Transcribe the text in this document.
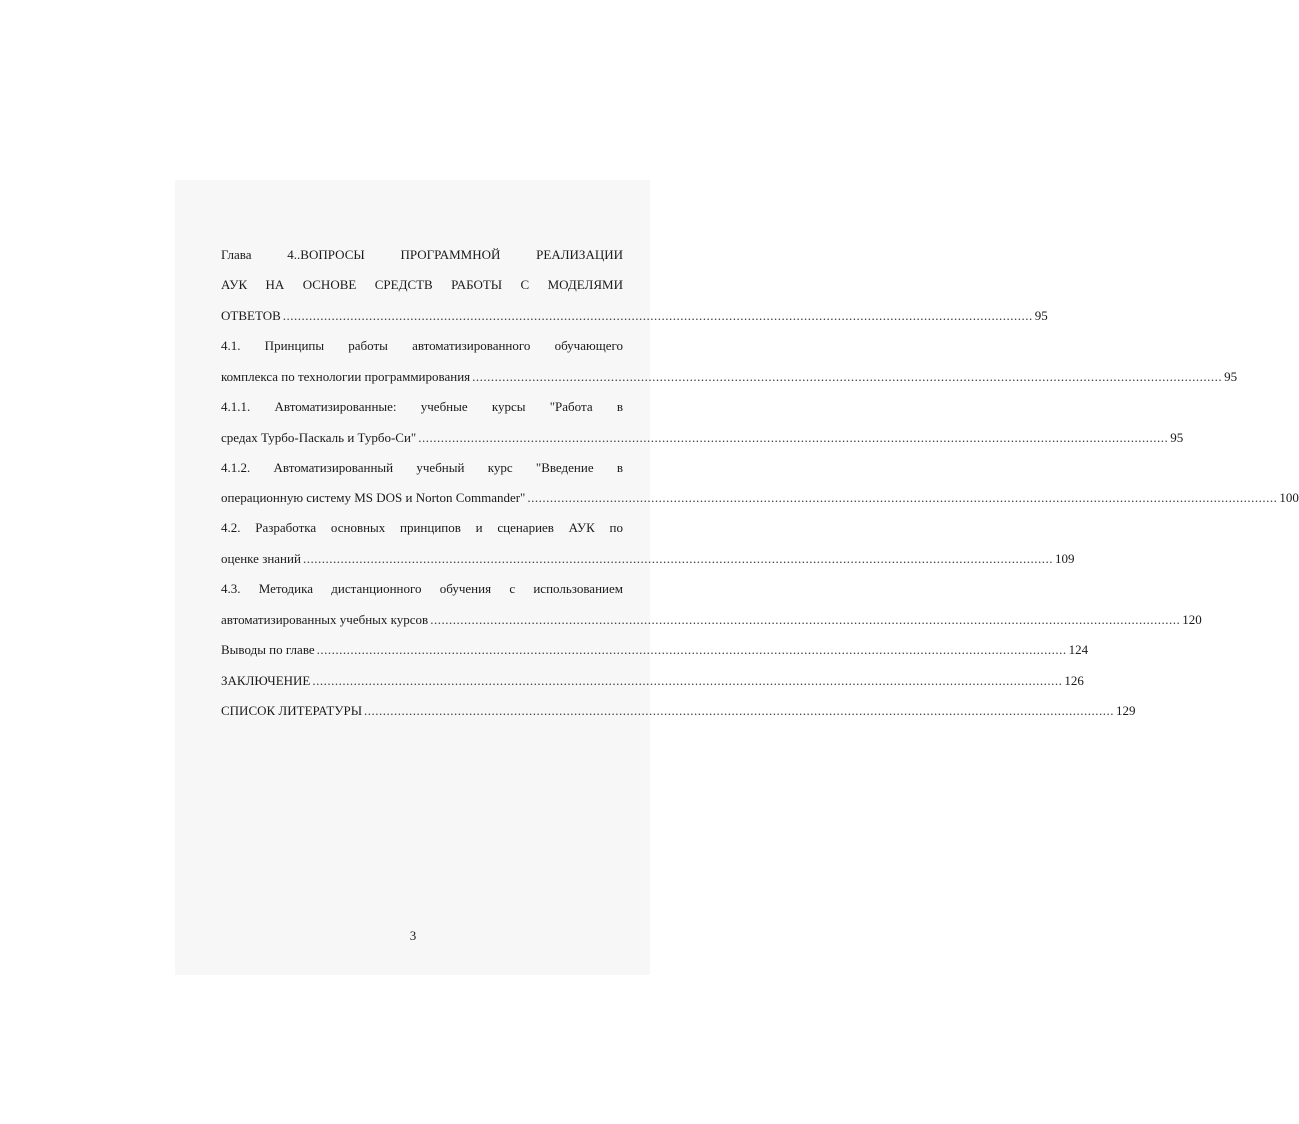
Глава 4..ВОПРОСЫ ПРОГРАММНОЙ РЕАЛИЗАЦИИ
АУК НА ОСНОВЕ СРЕДСТВ РАБОТЫ С МОДЕЛЯМИ
ОТВЕТОВ ........................................................................................................................................................................................................ 95
4.1. Принципы работы автоматизированного обучающего
комплекса по технологии программирования ........................................................................................................................................................................................................ 95
4.1.1. Автоматизированные: учебные курсы "Работа в
средах Турбо-Паскаль и Турбо-Си" ........................................................................................................................................................................................................ 95
4.1.2. Автоматизированный учебный курс "Введение в
операционную систему MS DOS и Norton Commander" ........................................................................................................................................................................................................ 100
4.2. Разработка основных принципов и сценариев АУК по
оценке знаний ........................................................................................................................................................................................................ 109
4.3. Методика дистанционного обучения с использованием
автоматизированных учебных курсов ........................................................................................................................................................................................................ 120
Выводы по главе ........................................................................................................................................................................................................ 124
ЗАКЛЮЧЕНИЕ ........................................................................................................................................................................................................ 126
СПИСОК ЛИТЕРАТУРЫ ........................................................................................................................................................................................................ 129
3
